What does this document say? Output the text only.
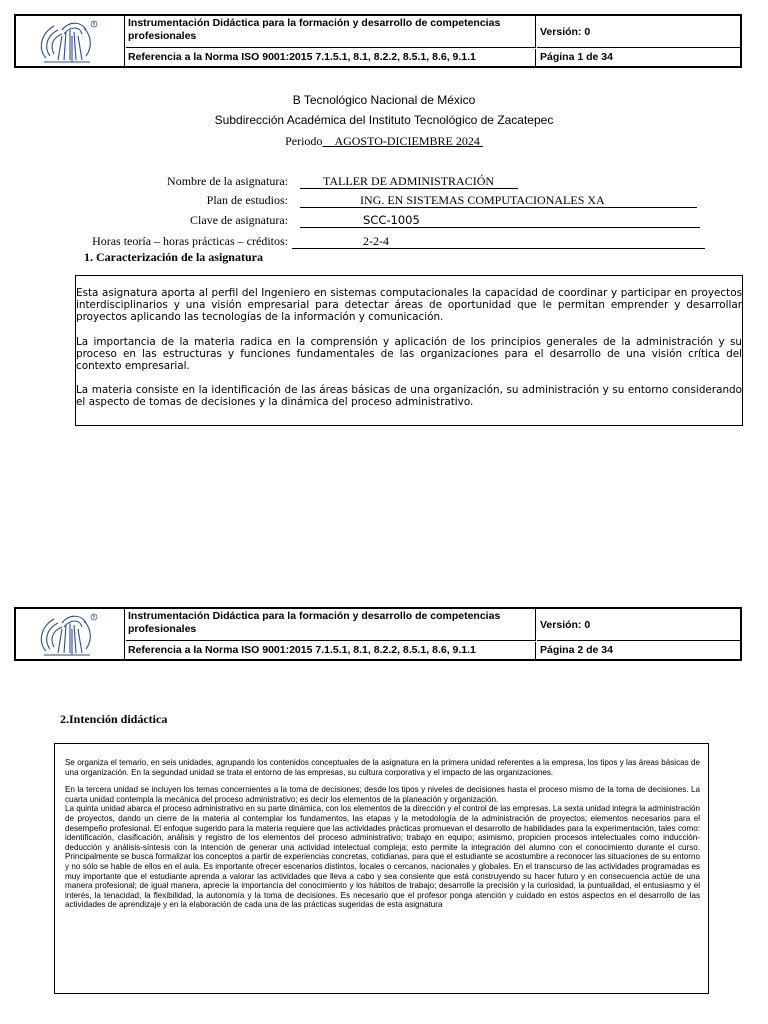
R	Instrumentación Didáctica para la formación y desarrollo de competencias profesionales	Versión: 0
Referencia a la Norma ISO 9001:2015 7.1.5.1, 8.1, 8.2.2, 8.5.1, 8.6, 9.1.1	Página 1 de 34
B Tecnológico Nacional de México
Subdirección Académica del Instituto Tecnológico de Zacatepec
Periodo AGOSTO-DICIEMBRE 2024
Nombre de la asignatura:	TALLER DE ADMINISTRACIÓN
Plan de estudios:	ING. EN SISTEMAS COMPUTACIONALES XA
Clave de asignatura:	SCC-1005
Horas teoría – horas prácticas – créditos:	2-2-4
1. Caracterización de la asignatura

Esta asignatura aporta al perfil del Ingeniero en sistemas computacionales la capacidad de coordinar y participar en proyectos interdisciplinarios y una visión empresarial para detectar áreas de oportunidad que le permitan emprender y desarrollar proyectos aplicando las tecnologías de la información y comunicación.

La importancia de la materia radica en la comprensión y aplicación de los principios generales de la administración y su proceso en las estructuras y funciones fundamentales de las organizaciones para el desarrollo de una visión crítica del contexto empresarial.

La materia consiste en la identificación de las áreas básicas de una organización, su administración y su entorno considerando el aspecto de tomas de decisiones y la dinámica del proceso administrativo.

R	Instrumentación Didáctica para la formación y desarrollo de competencias profesionales	Versión: 0
Referencia a la Norma ISO 9001:2015 7.1.5.1, 8.1, 8.2.2, 8.5.1, 8.6, 9.1.1	Página 2 de 34
2.Intención didáctica

Se organiza el temario, en seis unidades, agrupando los contenidos conceptuales de la asignatura en la primera unidad referentes a la empresa, los tipos y las áreas básicas de una organización. En la segundad unidad se trata el entorno de las empresas, su cultura corporativa y el impacto de las organizaciones.

En la tercera unidad se incluyen los temas concernientes a la toma de decisiones; desde los tipos y niveles de decisiones hasta el proceso mismo de la toma de decisiones. La cuarta unidad contempla la mecánica del proceso administrativo; es decir los elementos de la planeación y organización.

La quinta unidad abarca el proceso administrativo en su parte dinámica, con los elementos de la dirección y el control de las empresas. La sexta unidad integra la administración de proyectos, dando un cierre de la materia al contemplar los fundamentos, las etapas y la metodología de la administración de proyectos; elementos necesarios para el desempeño profesional. El enfoque sugerido para la materia requiere que las actividades prácticas promuevan el desarrollo de habilidades para la experimentación, tales como: identificación, clasificación, análisis y registro de los elementos del proceso administrativo; trabajo en equipo; asimismo, propicien procesos intelectuales como inducción-deducción y análisis-síntesis con la intención de generar una actividad intelectual compleja; esto permite la integración del alumno con el conocimiento durante el curso. Principalmente se busca formalizar los conceptos a partir de experiencias concretas, cotidianas, para que el estudiante se acostumbre a reconocer las situaciones de su entorno y no sólo se hable de ellos en el aula. Es importante ofrecer escenarios distintos, locales o cercanos, nacionales y globales. En el transcurso de las actividades programadas es muy importante que el estudiante aprenda a valorar las actividades que lleva a cabo y sea consiente que está construyendo su hacer futuro y en consecuencia actúe de una manera profesional; de igual manera, aprecie la importancia del conocimiento y los hábitos de trabajo; desarrolle la precisión y la curiosidad, la puntualidad, el entusiasmo y el interés, la tenacidad, la flexibilidad, la autonomía y la toma de decisiones. Es necesario que el profesor ponga atención y cuidado en estos aspectos en el desarrollo de las actividades de aprendizaje y en la elaboración de cada una de las prácticas sugeridas de esta asignatura
